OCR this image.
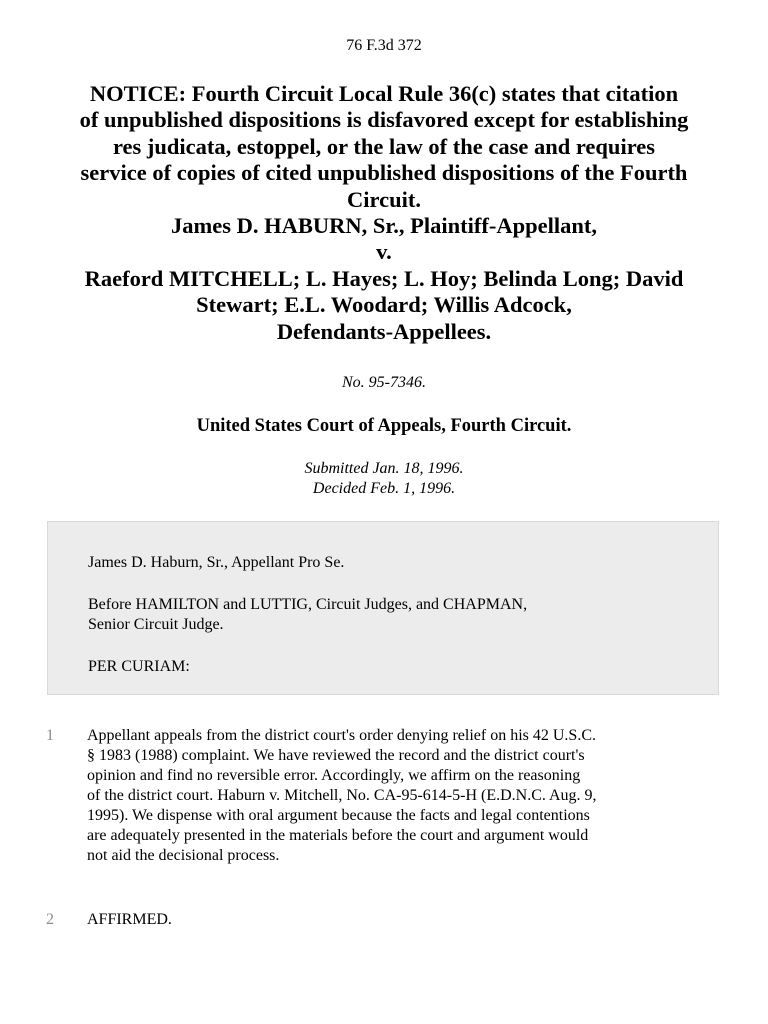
76 F.3d 372
NOTICE: Fourth Circuit Local Rule 36(c) states that citation
of unpublished dispositions is disfavored except for establishing
res judicata, estoppel, or the law of the case and requires
service of copies of cited unpublished dispositions of the Fourth
Circuit.
James D. HABURN, Sr., Plaintiff-Appellant,
v.
Raeford MITCHELL; L. Hayes; L. Hoy; Belinda Long; David
Stewart; E.L. Woodard; Willis Adcock,
Defendants-Appellees.
No. 95-7346.
United States Court of Appeals, Fourth Circuit.
Submitted Jan. 18, 1996.
Decided Feb. 1, 1996.

James D. Haburn, Sr., Appellant Pro Se.

Before HAMILTON and LUTTIG, Circuit Judges, and CHAPMAN,
Senior Circuit Judge.

PER CURIAM:

1 Appellant appeals from the district court's order denying relief on his 42 U.S.C.
§ 1983 (1988) complaint. We have reviewed the record and the district court's
opinion and find no reversible error. Accordingly, we affirm on the reasoning
of the district court. Haburn v. Mitchell, No. CA-95-614-5-H (E.D.N.C. Aug. 9,
1995). We dispense with oral argument because the facts and legal contentions
are adequately presented in the materials before the court and argument would
not aid the decisional process.

2 AFFIRMED.
